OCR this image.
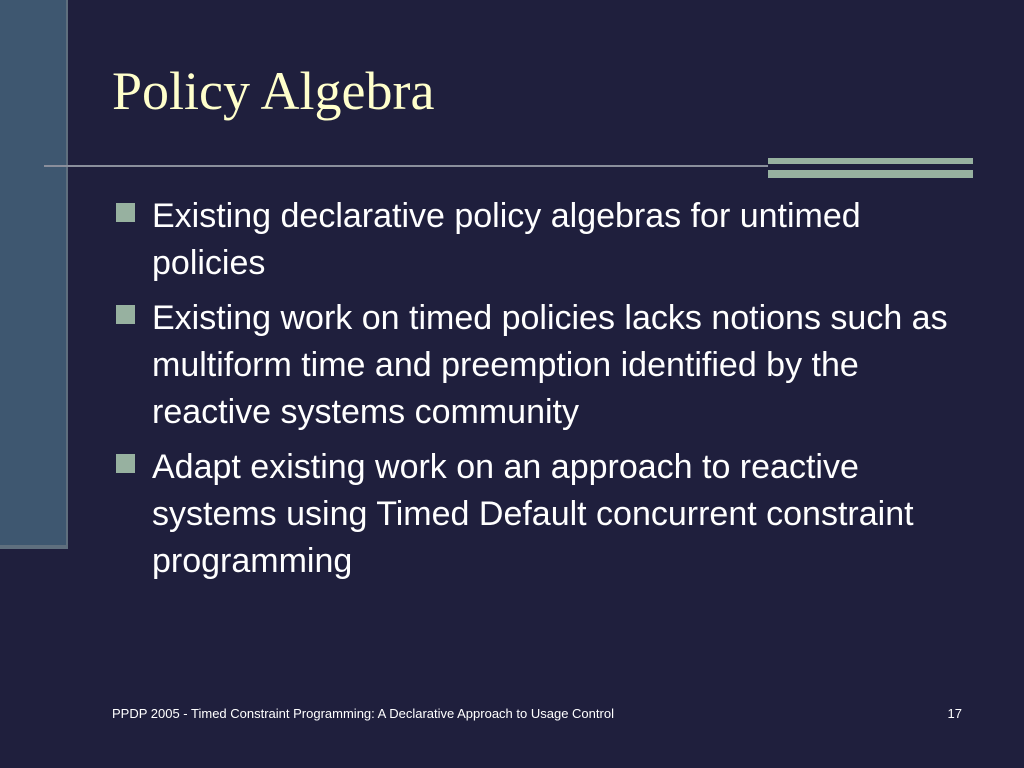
Policy Algebra
Existing declarative policy algebras for untimed policies
Existing work on timed policies lacks notions such as multiform time and preemption identified by the reactive systems community
Adapt existing work on an approach to reactive systems using Timed Default concurrent constraint programming
PPDP 2005 - Timed Constraint Programming: A Declarative Approach to Usage Control	17
